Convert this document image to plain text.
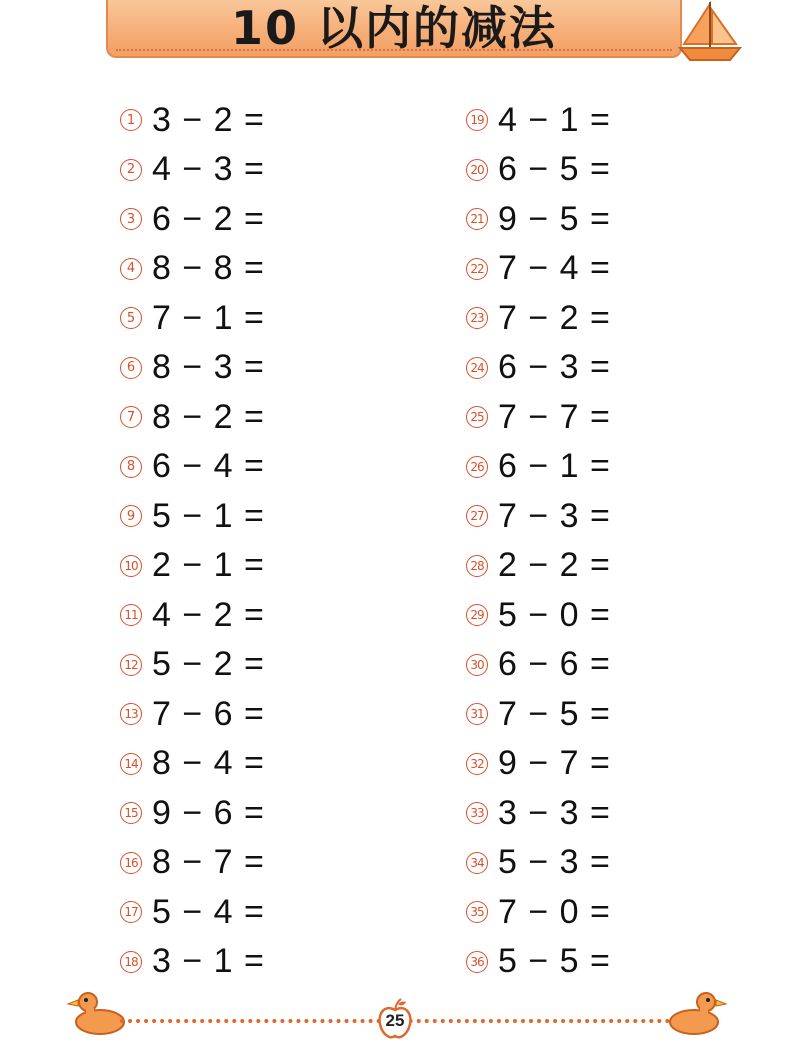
10 以内的减法
1 3 − 2 =
2 4 − 3 =
3 6 − 2 =
4 8 − 8 =
5 7 − 1 =
6 8 − 3 =
7 8 − 2 =
8 6 − 4 =
9 5 − 1 =
10 2 − 1 =
11 4 − 2 =
12 5 − 2 =
13 7 − 6 =
14 8 − 4 =
15 9 − 6 =
16 8 − 7 =
17 5 − 4 =
18 3 − 1 =
19 4 − 1 =
20 6 − 5 =
21 9 − 5 =
22 7 − 4 =
23 7 − 2 =
24 6 − 3 =
25 7 − 7 =
26 6 − 1 =
27 7 − 3 =
28 2 − 2 =
29 5 − 0 =
30 6 − 6 =
31 7 − 5 =
32 9 − 7 =
33 3 − 3 =
34 5 − 3 =
35 7 − 0 =
36 5 − 5 =
25
